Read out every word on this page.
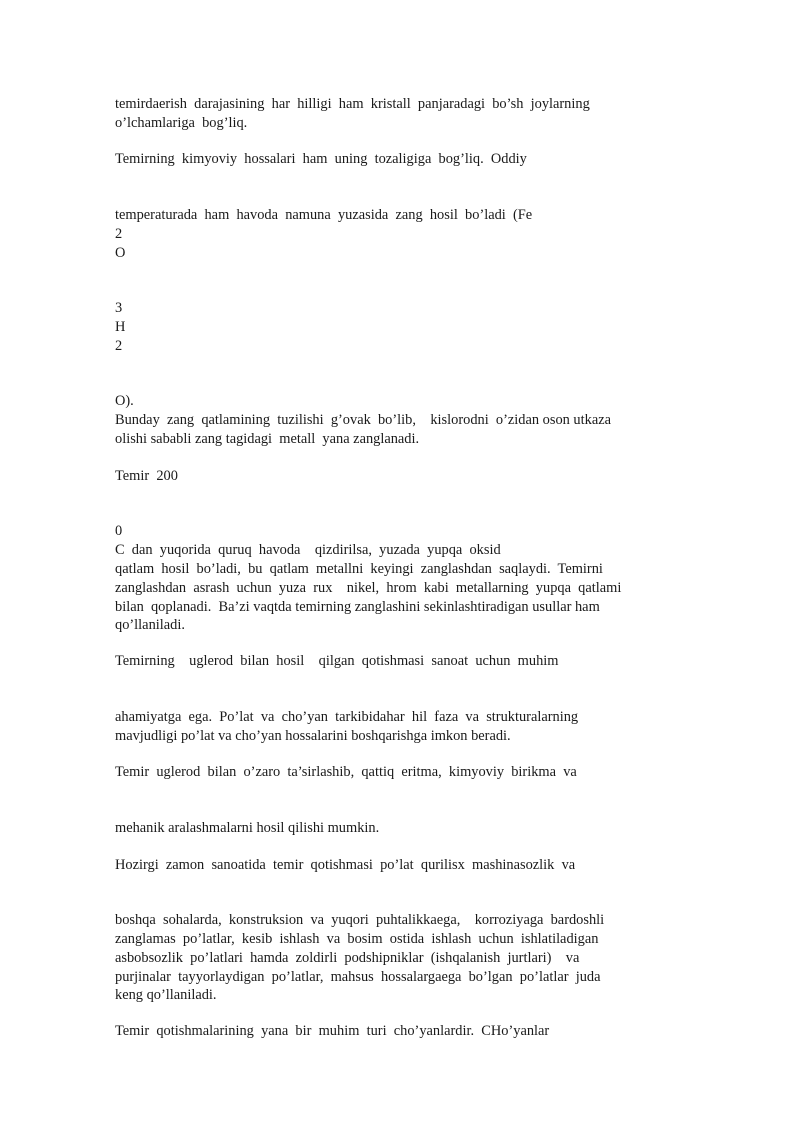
temirdaerish  darajasining  har  hilligi  ham  kristall  panjaradagi  bo’sh  joylarning
o’lchamlariga  bog’liq.
Temirning  kimyoviy  hossalari  ham  uning  tozaligiga  bog’liq.  Oddiy
temperaturada  ham  havoda  namuna  yuzasida  zang  hosil  bo’ladi  (Fe
2
O
3
H
2
O).
Bunday  zang  qatlamining  tuzilishi  g’ovak  bo’lib,    kislorodni  o’zidan oson utkaza
olishi sababli zang tagidagi  metall  yana zanglanadi.
Temir  200
0
C  dan  yuqorida  quruq  havoda    qizdirilsa,  yuzada  yupqa  oksid
qatlam  hosil  bo’ladi,  bu  qatlam  metallni  keyingi  zanglashdan  saqlaydi.  Temirni
zanglashdan  asrash  uchun  yuza  rux    nikel,  hrom  kabi  metallarning  yupqa  qatlami
bilan  qoplanadi.  Ba’zi vaqtda temirning zanglashini sekinlashtiradigan usullar ham
qo’llaniladi.
Temirning    uglerod  bilan  hosil    qilgan  qotishmasi  sanoat  uchun  muhim
ahamiyatga  ega.  Po’lat  va  cho’yan  tarkibidahar  hil  faza  va  strukturalarning
mavjudligi po’lat va cho’yan hossalarini boshqarishga imkon beradi.
Temir  uglerod  bilan  o’zaro  ta’sirlashib,  qattiq  eritma,  kimyoviy  birikma  va
mehanik aralashmalarni hosil qilishi mumkin.
Hozirgi  zamon  sanoatida  temir  qotishmasi  po’lat  qurilisx  mashinasozlik  va
boshqa  sohalarda,  konstruksion  va  yuqori  puhtalikkaega,    korroziyaga  bardoshli
zanglamas  po’latlar,  kesib  ishlash  va  bosim  ostida  ishlash  uchun  ishlatiladigan
asbobsozlik  po’latlari  hamda  zoldirli  podshipniklar  (ishqalanish  jurtlari)    va
purjinalar  tayyorlaydigan  po’latlar,  mahsus  hossalargaega  bo’lgan  po’latlar  juda
keng qo’llaniladi.
Temir  qotishmalarining  yana  bir  muhim  turi  cho’yanlardir.  CHo’yanlar
